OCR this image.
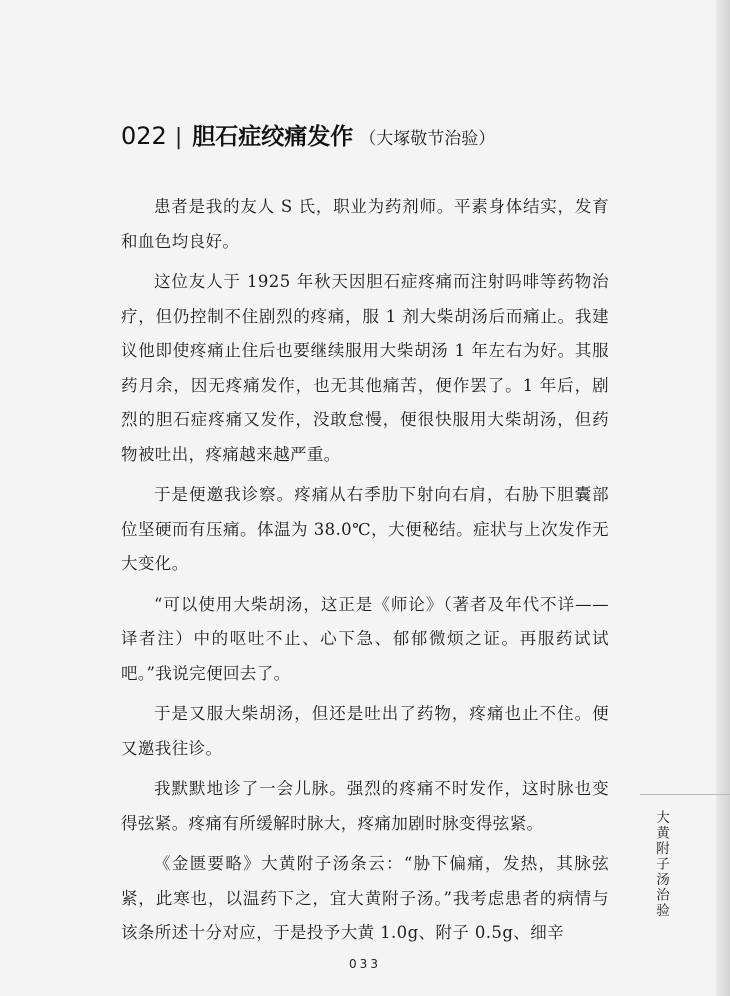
022 | 胆石症绞痛发作 （大塚敬节治验）

患者是我的友人 S 氏，职业为药剂师。平素身体结实，发育和血色均良好。

这位友人于 1925 年秋天因胆石症疼痛而注射吗啡等药物治疗，但仍控制不住剧烈的疼痛，服 1 剂大柴胡汤后而痛止。我建议他即使疼痛止住后也要继续服用大柴胡汤 1 年左右为好。其服药月余，因无疼痛发作，也无其他痛苦，便作罢了。1 年后，剧烈的胆石症疼痛又发作，没敢怠慢，便很快服用大柴胡汤，但药物被吐出，疼痛越来越严重。

于是便邀我诊察。疼痛从右季肋下射向右肩，右胁下胆囊部位坚硬而有压痛。体温为 38.0℃，大便秘结。症状与上次发作无大变化。

“可以使用大柴胡汤，这正是《师论》（著者及年代不详——译者注）中的呕吐不止、心下急、郁郁微烦之证。再服药试试吧。”我说完便回去了。

于是又服大柴胡汤，但还是吐出了药物，疼痛也止不住。便又邀我往诊。

我默默地诊了一会儿脉。强烈的疼痛不时发作，这时脉也变得弦紧。疼痛有所缓解时脉大，疼痛加剧时脉变得弦紧。

《金匮要略》大黄附子汤条云：“胁下偏痛，发热，其脉弦紧，此寒也，以温药下之，宜大黄附子汤。”我考虑患者的病情与该条所述十分对应，于是投予大黄 1.0g、附子 0.5g、细辛

大黄附子汤治验
033
